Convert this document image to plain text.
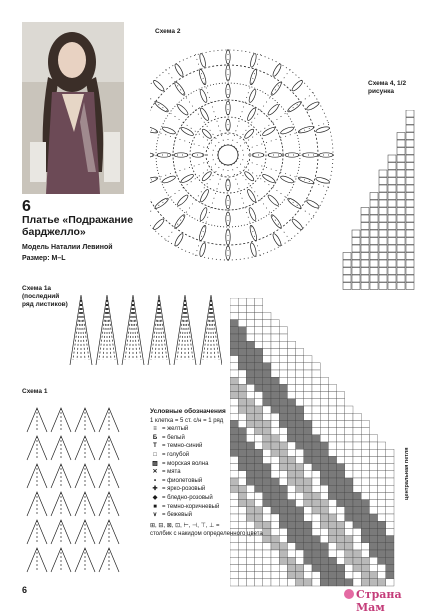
6
Платье «Подражание барджелло»
Модель Наталии Левиной
Размер: M–L
Схема 2
Схема 4, 1/2 рисунка
центральная петля
Схема 1а (последний ряд листиков)
Схема 1
Условные обозначения
1 клетка = 5 ст. с/н = 1 ряд
≡ = желтый
Б = белый
Т = темно-синий
□ = голубой
▨ = морская волна
✕ = мята
• = фиолетовый
✚ = ярко-розовый
◆ = бледно-розовый
■ = темно-коричневый
∨ = бежевый
⊞, ⊟, ⊠, ⊡, ⊢, ⊣, ⊤, ⊥ =
столбик с накидом определенного цвета
6	Страна Мам
